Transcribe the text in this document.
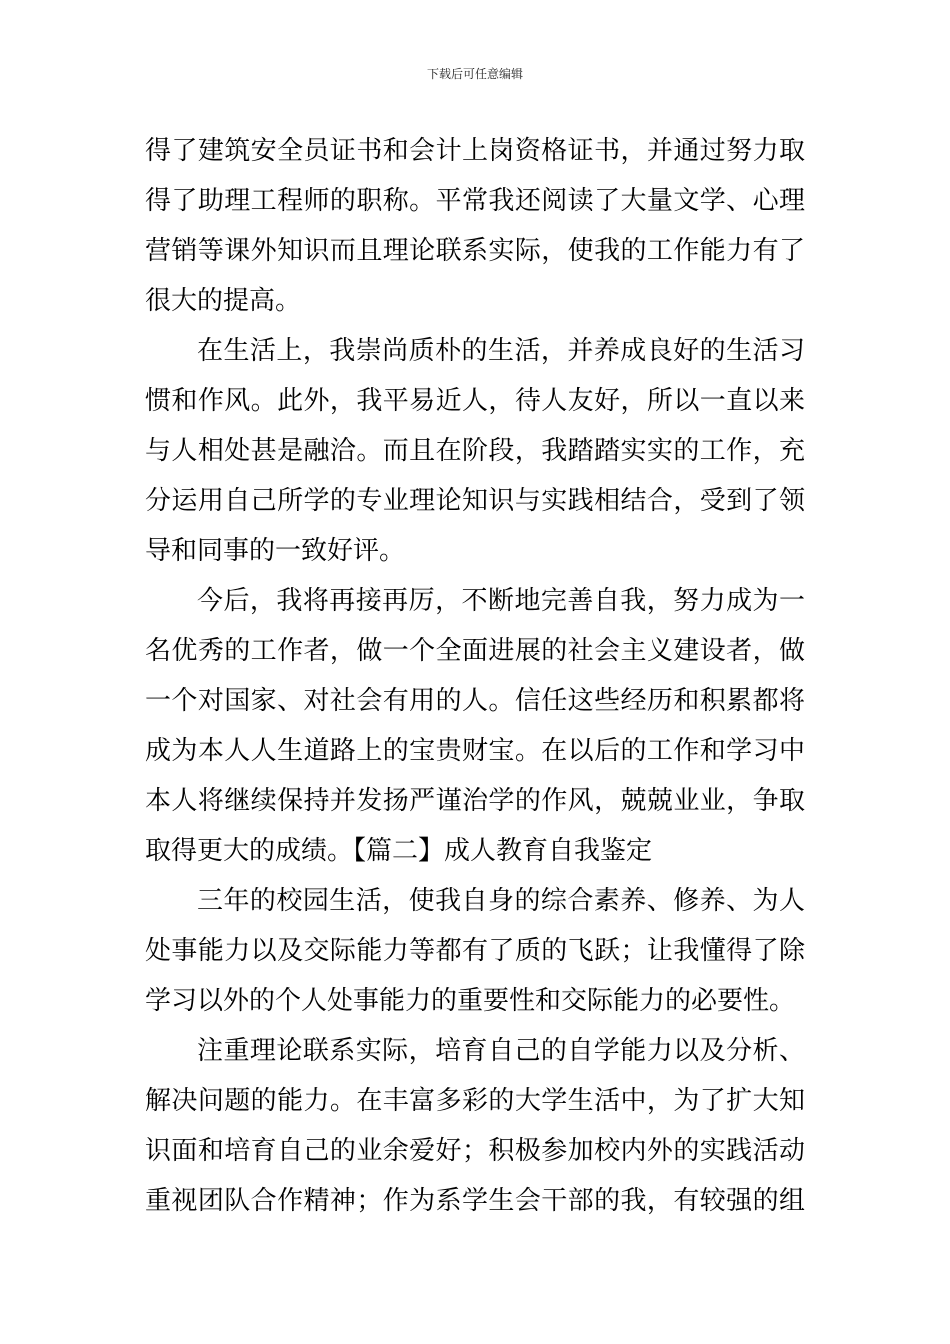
下载后可任意编辑
得了建筑安全员证书和会计上岗资格证书，并通过努力取
得了助理工程师的职称。平常我还阅读了大量文学、心理
营销等课外知识而且理论联系实际，使我的工作能力有了
很大的提高。
在生活上，我崇尚质朴的生活，并养成良好的生活习
惯和作风。此外，我平易近人，待人友好，所以一直以来
与人相处甚是融洽。而且在阶段，我踏踏实实的工作，充
分运用自己所学的专业理论知识与实践相结合，受到了领
导和同事的一致好评。
今后，我将再接再厉，不断地完善自我，努力成为一
名优秀的工作者，做一个全面进展的社会主义建设者，做
一个对国家、对社会有用的人。信任这些经历和积累都将
成为本人人生道路上的宝贵财宝。在以后的工作和学习中
本人将继续保持并发扬严谨治学的作风，兢兢业业，争取
取得更大的成绩。【篇二】成人教育自我鉴定
三年的校园生活，使我自身的综合素养、修养、为人
处事能力以及交际能力等都有了质的飞跃；让我懂得了除
学习以外的个人处事能力的重要性和交际能力的必要性。
注重理论联系实际，培育自己的自学能力以及分析、
解决问题的能力。在丰富多彩的大学生活中，为了扩大知
识面和培育自己的业余爱好；积极参加校内外的实践活动
重视团队合作精神；作为系学生会干部的我，有较强的组
